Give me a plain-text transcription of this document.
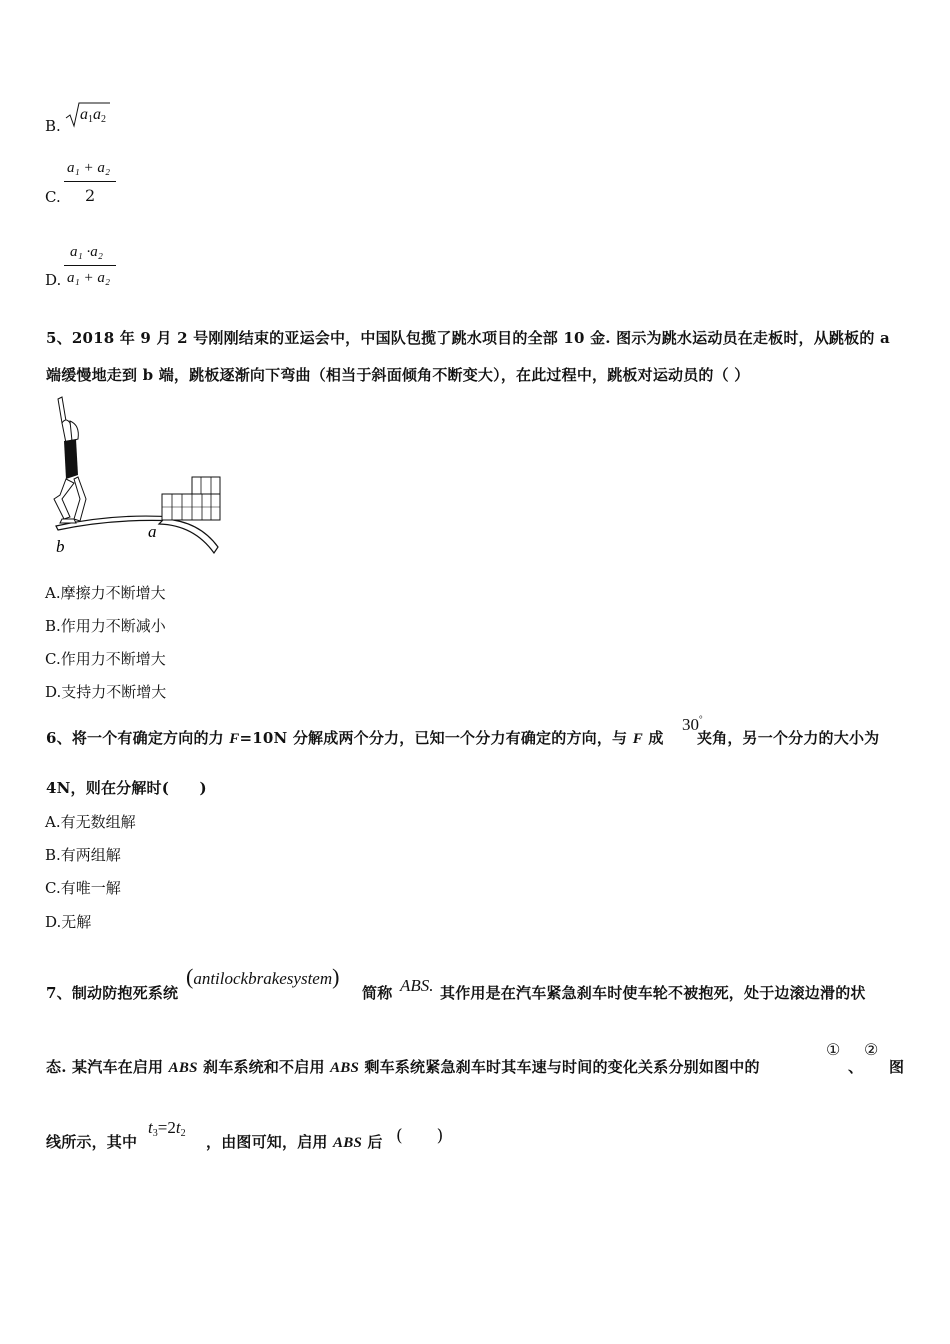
B.
$a_1a_2$
C.
a₁ + a₂
2
D.
a₁ ·a₂
a₁ + a₂
5、2018 年 9 月 2 号刚刚结束的亚运会中，中国队包揽了跳水项目的全部 10 金. 图示为跳水运动员在走板时，从跳板的 a
端缓慢地走到 b 端，跳板逐渐向下弯曲（相当于斜面倾角不断变大），在此过程中，跳板对运动员的（ ）
a
b
A.摩擦力不断增大
B.作用力不断减小
C.作用力不断增大
D.支持力不断增大
6、将一个有确定方向的力 F=10N 分解成两个分力，已知一个分力有确定的方向，与 F 成 夹角，另一个分力的大小为
30°
4N，则在分解时(　　)
A.有无数组解
B.有两组解
C.有唯一解
D.无解
7、制动防抱死系统
(antilockbrakesystem)
简称 ABS. 其作用是在汽车紧急刹车时使车轮不被抱死，处于边滚边滑的状
态. 某汽车在启用 ABS 刹车系统和不启用 ABS 剩车系统紧急刹车时其车速与时间的变化关系分别如图中的
①
、
②
图
线所示，其中
$t_3=2t_2$ ，由图可知，启用 ABS 后 (　　)
